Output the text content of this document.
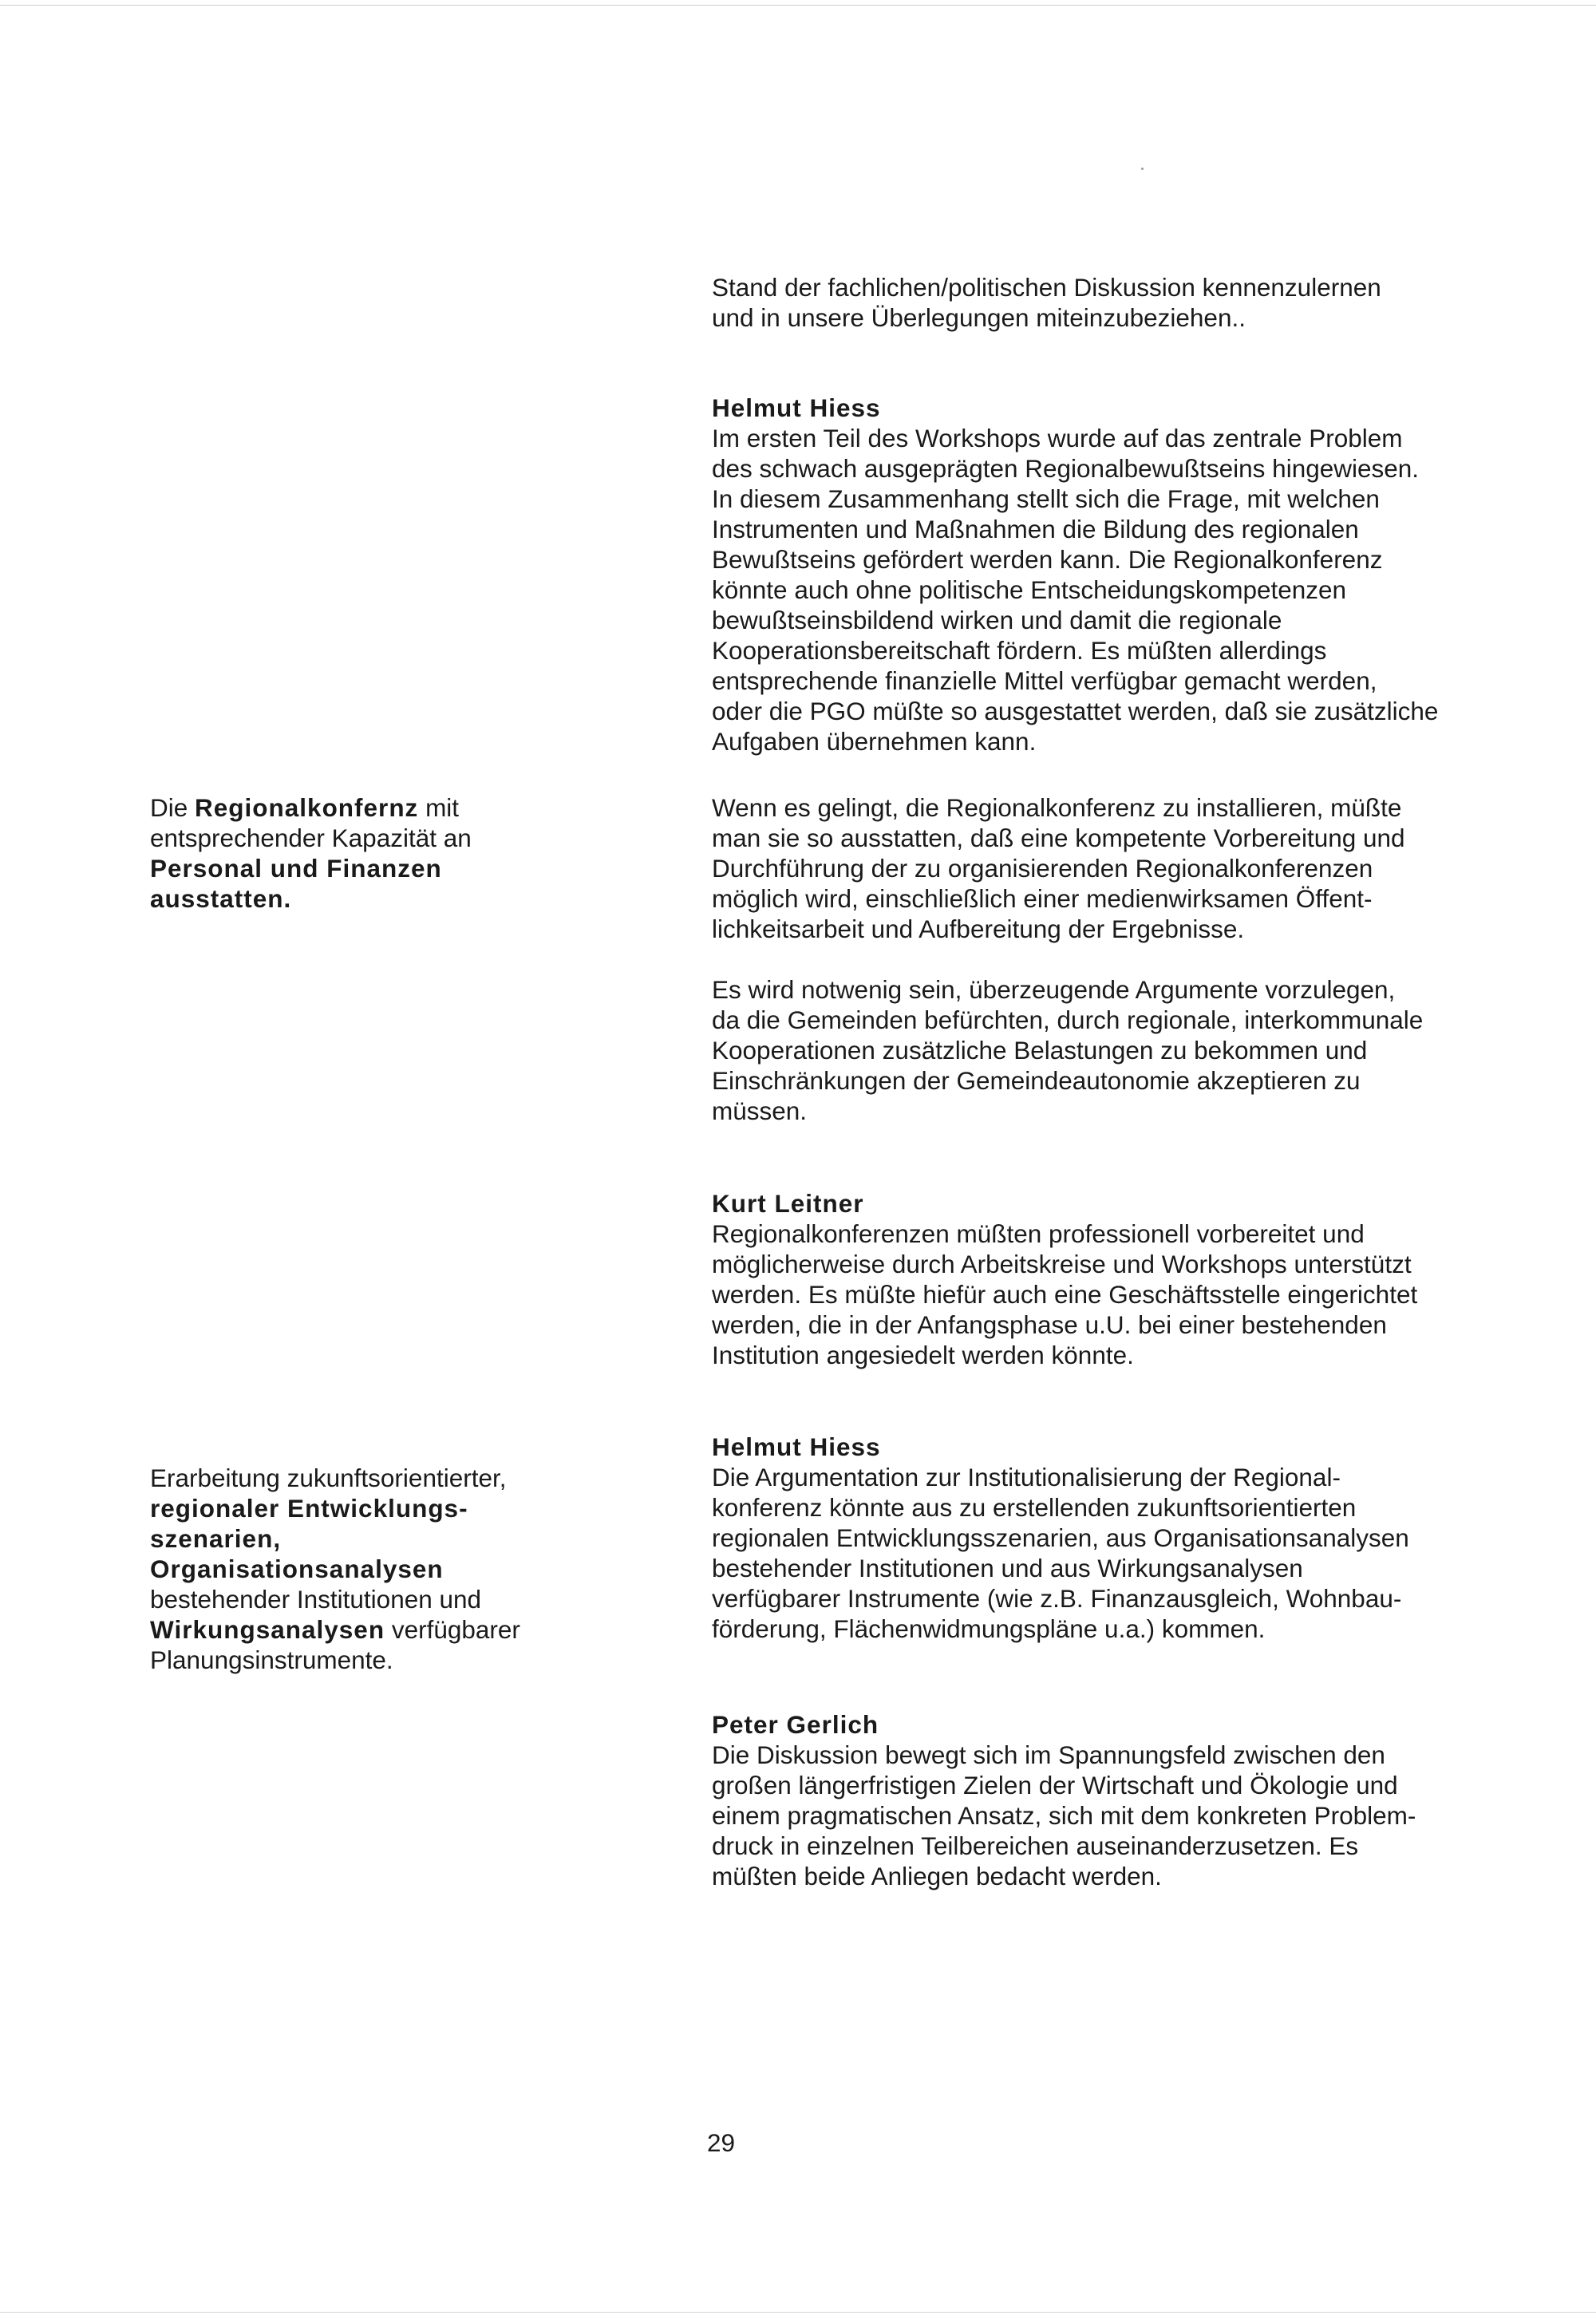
Stand der fachlichen/politischen Diskussion kennenzulernen
und in unsere Überlegungen miteinzubeziehen..
Helmut Hiess
Im ersten Teil des Workshops wurde auf das zentrale Problem
des schwach ausgeprägten Regionalbewußtseins hingewiesen.
In diesem Zusammenhang stellt sich die Frage, mit welchen
Instrumenten und Maßnahmen die Bildung des regionalen
Bewußtseins gefördert werden kann. Die Regionalkonferenz
könnte auch ohne politische Entscheidungskompetenzen
bewußtseinsbildend wirken und damit die regionale
Kooperationsbereitschaft fördern. Es müßten allerdings
entsprechende finanzielle Mittel verfügbar gemacht werden,
oder die PGO müßte so ausgestattet werden, daß sie zusätzliche
Aufgaben übernehmen kann.
Die Regionalkonfernz mit
entsprechender Kapazität an
Personal und Finanzen
ausstatten.
Wenn es gelingt, die Regionalkonferenz zu installieren, müßte
man sie so ausstatten, daß eine kompetente Vorbereitung und
Durchführung der zu organisierenden Regionalkonferenzen
möglich wird, einschließlich einer medienwirksamen Öffent-
lichkeitsarbeit und Aufbereitung der Ergebnisse.
Es wird notwenig sein, überzeugende Argumente vorzulegen,
da die Gemeinden befürchten, durch regionale, interkommunale
Kooperationen zusätzliche Belastungen zu bekommen und
Einschränkungen der Gemeindeautonomie akzeptieren zu
müssen.
Kurt Leitner
Regionalkonferenzen müßten professionell vorbereitet und
möglicherweise durch Arbeitskreise und Workshops unterstützt
werden. Es müßte hiefür auch eine Geschäftsstelle eingerichtet
werden, die in der Anfangsphase u.U. bei einer bestehenden
Institution angesiedelt werden könnte.
Erarbeitung zukunftsorientierter,
regionaler Entwicklungs-
szenarien,
Organisationsanalysen
bestehender Institutionen und
Wirkungsanalysen verfügbarer
Planungsinstrumente.
Helmut Hiess
Die Argumentation zur Institutionalisierung der Regional-
konferenz könnte aus zu erstellenden zukunftsorientierten
regionalen Entwicklungsszenarien, aus Organisationsanalysen
bestehender Institutionen und aus Wirkungsanalysen
verfügbarer Instrumente (wie z.B. Finanzausgleich, Wohnbau-
förderung, Flächenwidmungspläne u.a.) kommen.
Peter Gerlich
Die Diskussion bewegt sich im Spannungsfeld zwischen den
großen längerfristigen Zielen der Wirtschaft und Ökologie und
einem pragmatischen Ansatz, sich mit dem konkreten Problem-
druck in einzelnen Teilbereichen auseinanderzusetzen. Es
müßten beide Anliegen bedacht werden.
29
